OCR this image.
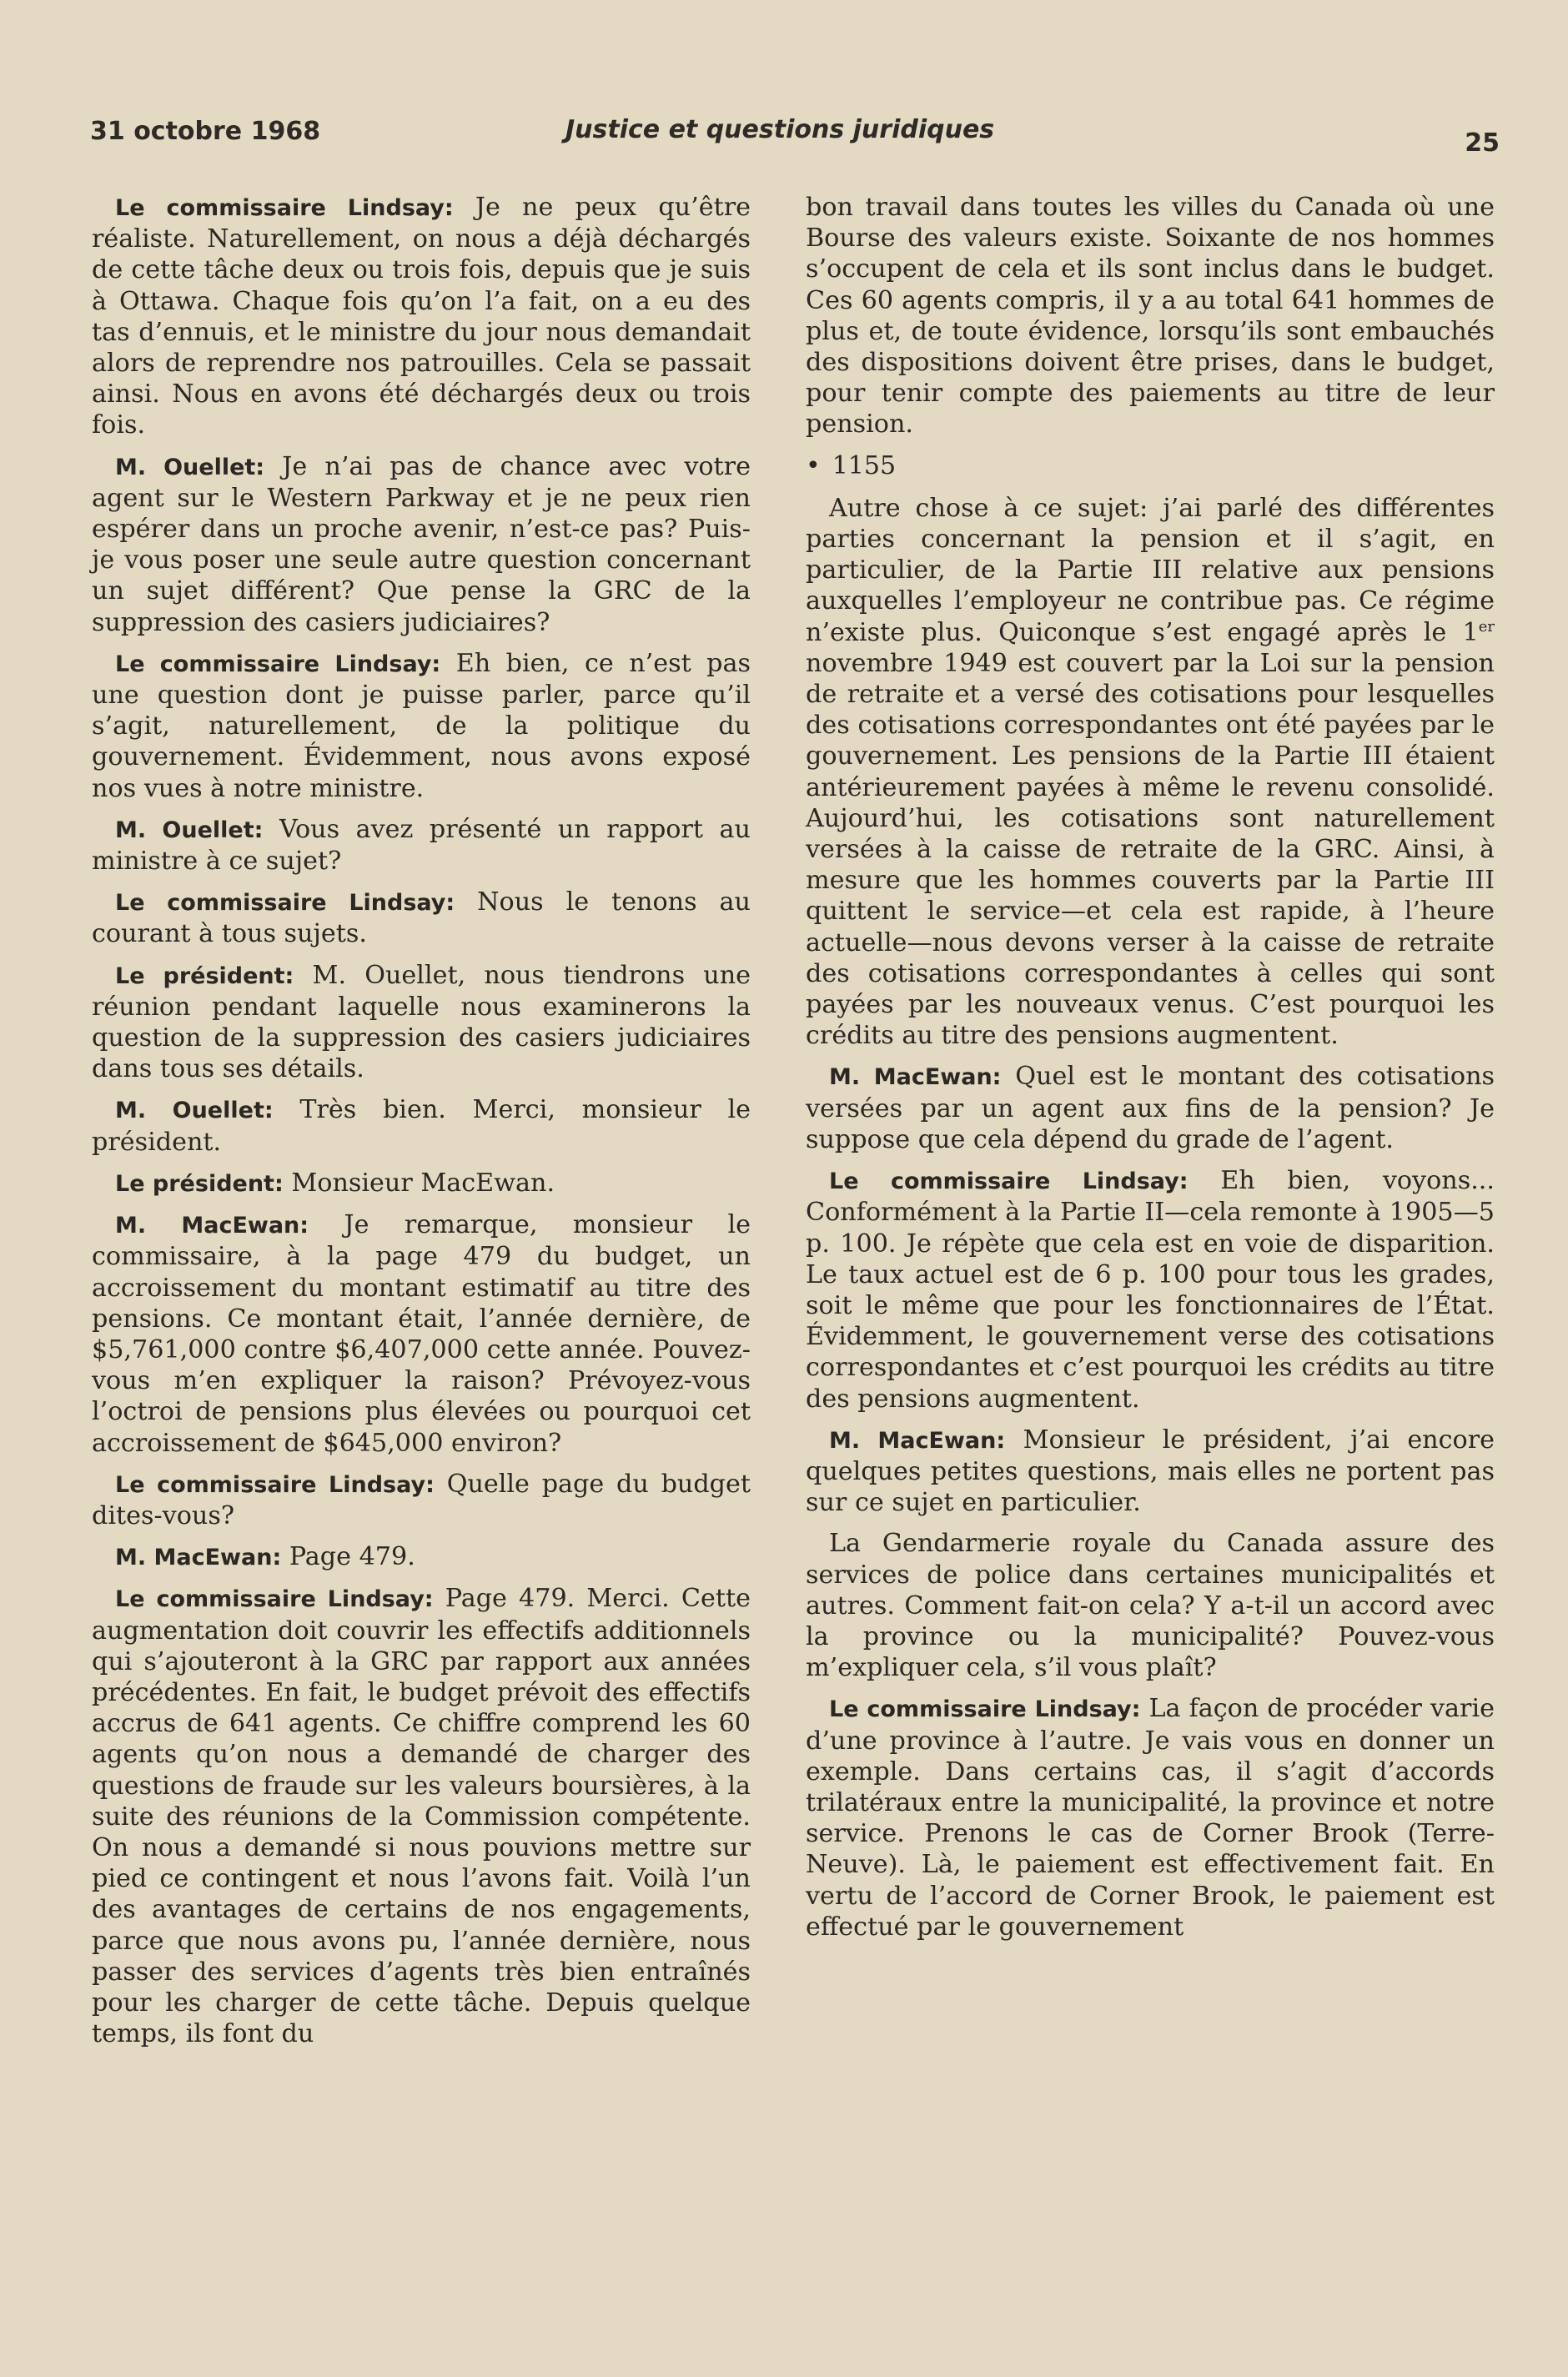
31 octobre 1968	Justice et questions juridiques	25

Le commissaire Lindsay: Je ne peux qu’être réaliste. Naturellement, on nous a déjà déchargés de cette tâche deux ou trois fois, depuis que je suis à Ottawa. Chaque fois qu’on l’a fait, on a eu des tas d’ennuis, et le ministre du jour nous demandait alors de reprendre nos patrouilles. Cela se passait ainsi. Nous en avons été déchargés deux ou trois fois.

M. Ouellet: Je n’ai pas de chance avec votre agent sur le Western Parkway et je ne peux rien espérer dans un proche avenir, n’est-ce pas? Puis-je vous poser une seule autre question concernant un sujet différent? Que pense la GRC de la suppression des casiers judiciaires?

Le commissaire Lindsay: Eh bien, ce n’est pas une question dont je puisse parler, parce qu’il s’agit, naturellement, de la politique du gouvernement. Évidemment, nous avons exposé nos vues à notre ministre.

M. Ouellet: Vous avez présenté un rapport au ministre à ce sujet?

Le commissaire Lindsay: Nous le tenons au courant à tous sujets.

Le président: M. Ouellet, nous tiendrons une réunion pendant laquelle nous examinerons la question de la suppression des casiers judiciaires dans tous ses détails.

M. Ouellet: Très bien. Merci, monsieur le président.

Le président: Monsieur MacEwan.

M. MacEwan: Je remarque, monsieur le commissaire, à la page 479 du budget, un accroissement du montant estimatif au titre des pensions. Ce montant était, l’année dernière, de $5,761,000 contre $6,407,000 cette année. Pouvez-vous m’en expliquer la raison? Prévoyez-vous l’octroi de pensions plus élevées ou pourquoi cet accroissement de $645,000 environ?

Le commissaire Lindsay: Quelle page du budget dites-vous?

M. MacEwan: Page 479.

Le commissaire Lindsay: Page 479. Merci. Cette augmentation doit couvrir les effectifs additionnels qui s’ajouteront à la GRC par rapport aux années précédentes. En fait, le budget prévoit des effectifs accrus de 641 agents. Ce chiffre comprend les 60 agents qu’on nous a demandé de charger des questions de fraude sur les valeurs boursières, à la suite des réunions de la Commission compétente. On nous a demandé si nous pouvions mettre sur pied ce contingent et nous l’avons fait. Voilà l’un des avantages de certains de nos engagements, parce que nous avons pu, l’année dernière, nous passer des services d’agents très bien entraînés pour les charger de cette tâche. Depuis quelque temps, ils font du

bon travail dans toutes les villes du Canada où une Bourse des valeurs existe. Soixante de nos hommes s’occupent de cela et ils sont inclus dans le budget. Ces 60 agents compris, il y a au total 641 hommes de plus et, de toute évidence, lorsqu’ils sont embauchés des dispositions doivent être prises, dans le budget, pour tenir compte des paiements au titre de leur pension.

• 1155

Autre chose à ce sujet: j’ai parlé des différentes parties concernant la pension et il s’agit, en particulier, de la Partie III relative aux pensions auxquelles l’employeur ne contribue pas. Ce régime n’existe plus. Quiconque s’est engagé après le 1er novembre 1949 est couvert par la Loi sur la pension de retraite et a versé des cotisations pour lesquelles des cotisations correspondantes ont été payées par le gouvernement. Les pensions de la Partie III étaient antérieurement payées à même le revenu consolidé. Aujourd’hui, les cotisations sont naturellement versées à la caisse de retraite de la GRC. Ainsi, à mesure que les hommes couverts par la Partie III quittent le service—et cela est rapide, à l’heure actuelle—nous devons verser à la caisse de retraite des cotisations correspondantes à celles qui sont payées par les nouveaux venus. C’est pourquoi les crédits au titre des pensions augmentent.

M. MacEwan: Quel est le montant des cotisations versées par un agent aux fins de la pension? Je suppose que cela dépend du grade de l’agent.

Le commissaire Lindsay: Eh bien, voyons... Conformément à la Partie II—cela remonte à 1905—5 p. 100. Je répète que cela est en voie de disparition. Le taux actuel est de 6 p. 100 pour tous les grades, soit le même que pour les fonctionnaires de l’État. Évidemment, le gouvernement verse des cotisations correspondantes et c’est pourquoi les crédits au titre des pensions augmentent.

M. MacEwan: Monsieur le président, j’ai encore quelques petites questions, mais elles ne portent pas sur ce sujet en particulier.

La Gendarmerie royale du Canada assure des services de police dans certaines municipalités et autres. Comment fait-on cela? Y a-t-il un accord avec la province ou la municipalité? Pouvez-vous m’expliquer cela, s’il vous plaît?

Le commissaire Lindsay: La façon de procéder varie d’une province à l’autre. Je vais vous en donner un exemple. Dans certains cas, il s’agit d’accords trilatéraux entre la municipalité, la province et notre service. Prenons le cas de Corner Brook (Terre-Neuve). Là, le paiement est effectivement fait. En vertu de l’accord de Corner Brook, le paiement est effectué par le gouvernement
